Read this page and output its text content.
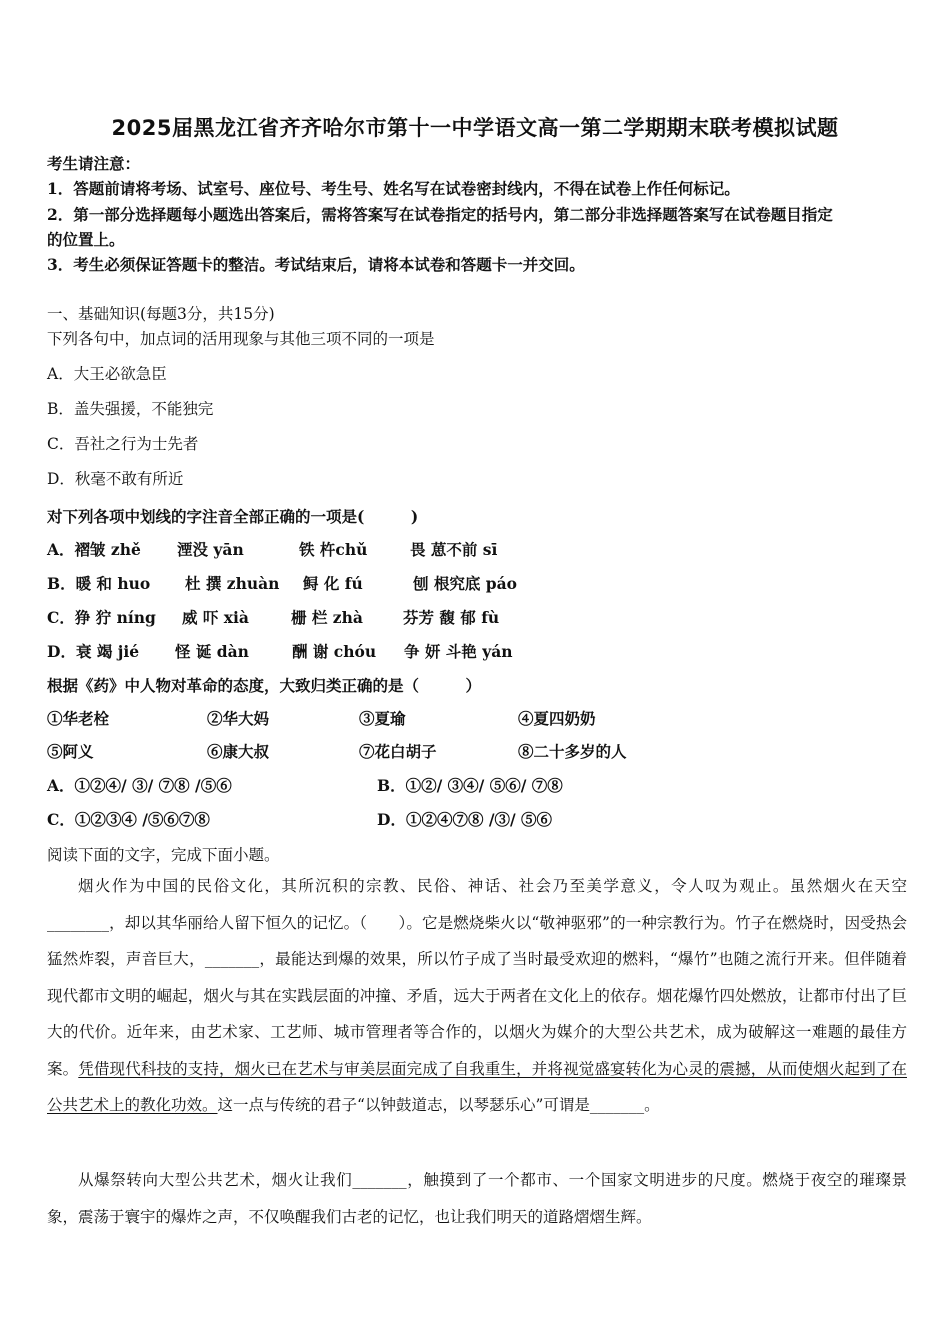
2025届黑龙江省齐齐哈尔市第十一中学语文高一第二学期期末联考模拟试题
考生请注意：
1．答题前请将考场、试室号、座位号、考生号、姓名写在试卷密封线内，不得在试卷上作任何标记。
2．第一部分选择题每小题选出答案后，需将答案写在试卷指定的括号内，第二部分非选择题答案写在试卷题目指定
的位置上。
3．考生必须保证答题卡的整洁。考试结束后，请将本试卷和答题卡一并交回。
一、基础知识(每题3分，共15分)
下列各句中，加点词的活用现象与其他三项不同的一项是
A．大王必欲急臣
B．盖失强援，不能独完
C．吾社之行为士先者
D．秋毫不敢有所近
对下列各项中划线的字注音全部正确的一项是(　　　)
A．褶皱 zhě 湮没 yān	铁 杵chǔ	畏 葸不前 sī
B．暖 和 huo 杜 撰 zhuàn 鲟 化 fú	刨 根究底 páo
C．狰 狞 níng 威 吓 xià	栅 栏 zhà	芬芳 馥 郁 fù
D．衰 竭 jié 怪 诞 dàn	酬 谢 chóu 争 妍 斗艳 yán
根据《药》中人物对革命的态度，大致归类正确的是（　　　）
①华老栓	②华大妈	③夏瑜	④夏四奶奶
⑤阿义	⑥康大叔	⑦花白胡子	⑧二十多岁的人
A．①②④/ ③/ ⑦⑧ /⑤⑥	B．①②/ ③④/ ⑤⑥/ ⑦⑧
C．①②③④ /⑤⑥⑦⑧	D．①②④⑦⑧ /③/ ⑤⑥
阅读下面的文字，完成下面小题。
烟火作为中国的民俗文化，其所沉积的宗教、民俗、神话、社会乃至美学意义，令人叹为观止。虽然烟火在天空________，却以其华丽给人留下恒久的记忆。（　　）。它是燃烧柴火以“敬神驱邪”的一种宗教行为。竹子在燃烧时，因受热会猛然炸裂，声音巨大，_______，最能达到爆的效果，所以竹子成了当时最受欢迎的燃料，“爆竹”也随之流行开来。但伴随着现代都市文明的崛起，烟火与其在实践层面的冲撞、矛盾，远大于两者在文化上的依存。烟花爆竹四处燃放，让都市付出了巨大的代价。近年来，由艺术家、工艺师、城市管理者等合作的，以烟火为媒介的大型公共艺术，成为破解这一难题的最佳方案。凭借现代科技的支持，烟火已在艺术与审美层面完成了自我重生，并将视觉盛宴转化为心灵的震撼，从而使烟火起到了在公共艺术上的教化功效。这一点与传统的君子“以钟鼓道志，以琴瑟乐心”可谓是_______。
从爆祭转向大型公共艺术，烟火让我们_______，触摸到了一个都市、一个国家文明进步的尺度。燃烧于夜空的璀璨景象，震荡于寰宇的爆炸之声，不仅唤醒我们古老的记忆，也让我们明天的道路熠熠生辉。
